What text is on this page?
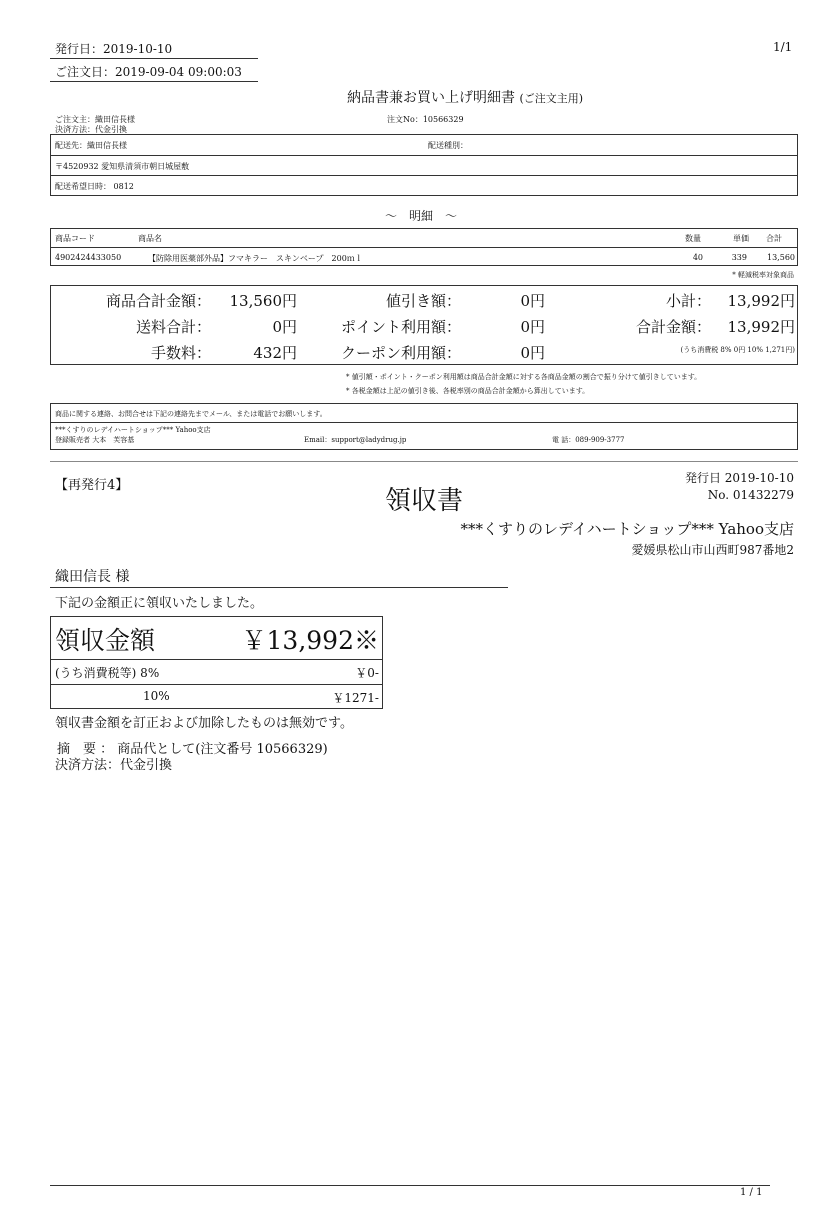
発行日：2019-10-10	1/1
ご注文日：2019-09-04 09:00:03
納品書兼お買い上げ明細書 (ご注文主用)
ご注文主：織田信長様
決済方法：代金引換
注文No：10566329
配送先：織田信長様	配送種別：
〒4520932 愛知県清須市朝日城屋敷
配送希望日時： 0812
～　明細　～
商品コード	商品名	数量	単価 合計
4902424433050	【防除用医薬部外品】フマキラー　スキンベープ　200ｍｌ	40	339	13,560
* 軽減税率対象商品
商品合計金額：	13,560円	値引き額：	0円	小計：	13,992円
送料合計：	0円	ポイント利用額：	0円	合計金額：	13,992円
手数料：	432円	クーポン利用額：	0円	(うち消費税 8% 0円 10% 1,271円)
* 値引額・ポイント・クーポン利用額は商品合計金額に対する各商品金額の割合で振り分けて値引きしています。
* 各税金額は上記の値引き後、各税率別の商品合計金額から算出しています。
商品に関する連絡、お問合せは下記の連絡先までメール、または電話でお願いします。
***くすりのレデイハートショップ*** Yahoo支店
登録販売者 大本　芙容基	Email：support@ladydrug.jp	電 話：089-909-3777
【再発行4】
領収書
発行日 2019-10-10
No. 01432279
***くすりのレデイハートショップ*** Yahoo支店
愛媛県松山市山西町987番地2
織田信長 様
下記の金額正に領収いたしました。
領収金額	￥13,992※
(うち消費税等) 8%	￥0-
10%	￥1271-
領収書金額を訂正および加除したものは無効です。
摘　要 ： 商品代として(注文番号 10566329)
決済方法：代金引換
1 / 1
